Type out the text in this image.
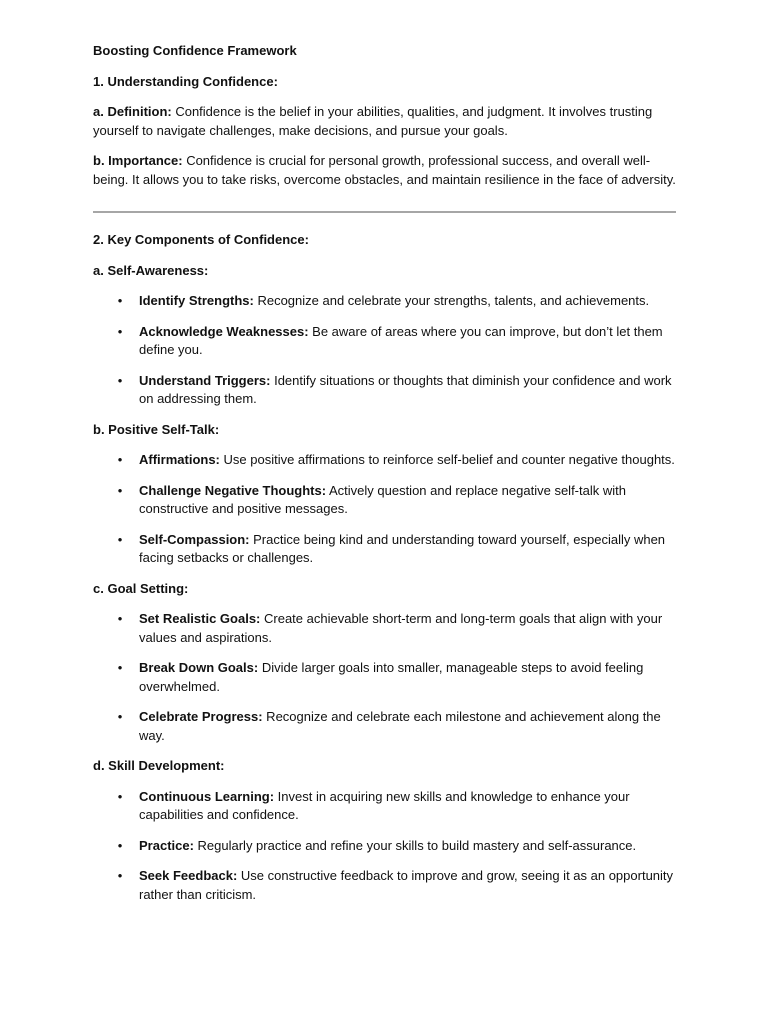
Boosting Confidence Framework

1. Understanding Confidence:

a. Definition: Confidence is the belief in your abilities, qualities, and judgment. It involves trusting yourself to navigate challenges, make decisions, and pursue your goals.

b. Importance: Confidence is crucial for personal growth, professional success, and overall well-being. It allows you to take risks, overcome obstacles, and maintain resilience in the face of adversity.

2. Key Components of Confidence:

a. Self-Awareness:

• Identify Strengths: Recognize and celebrate your strengths, talents, and achievements.
• Acknowledge Weaknesses: Be aware of areas where you can improve, but don’t let them define you.
• Understand Triggers: Identify situations or thoughts that diminish your confidence and work on addressing them.

b. Positive Self-Talk:

• Affirmations: Use positive affirmations to reinforce self-belief and counter negative thoughts.
• Challenge Negative Thoughts: Actively question and replace negative self-talk with constructive and positive messages.
• Self-Compassion: Practice being kind and understanding toward yourself, especially when facing setbacks or challenges.

c. Goal Setting:

• Set Realistic Goals: Create achievable short-term and long-term goals that align with your values and aspirations.
• Break Down Goals: Divide larger goals into smaller, manageable steps to avoid feeling overwhelmed.
• Celebrate Progress: Recognize and celebrate each milestone and achievement along the way.

d. Skill Development:

• Continuous Learning: Invest in acquiring new skills and knowledge to enhance your capabilities and confidence.
• Practice: Regularly practice and refine your skills to build mastery and self-assurance.
• Seek Feedback: Use constructive feedback to improve and grow, seeing it as an opportunity rather than criticism.
